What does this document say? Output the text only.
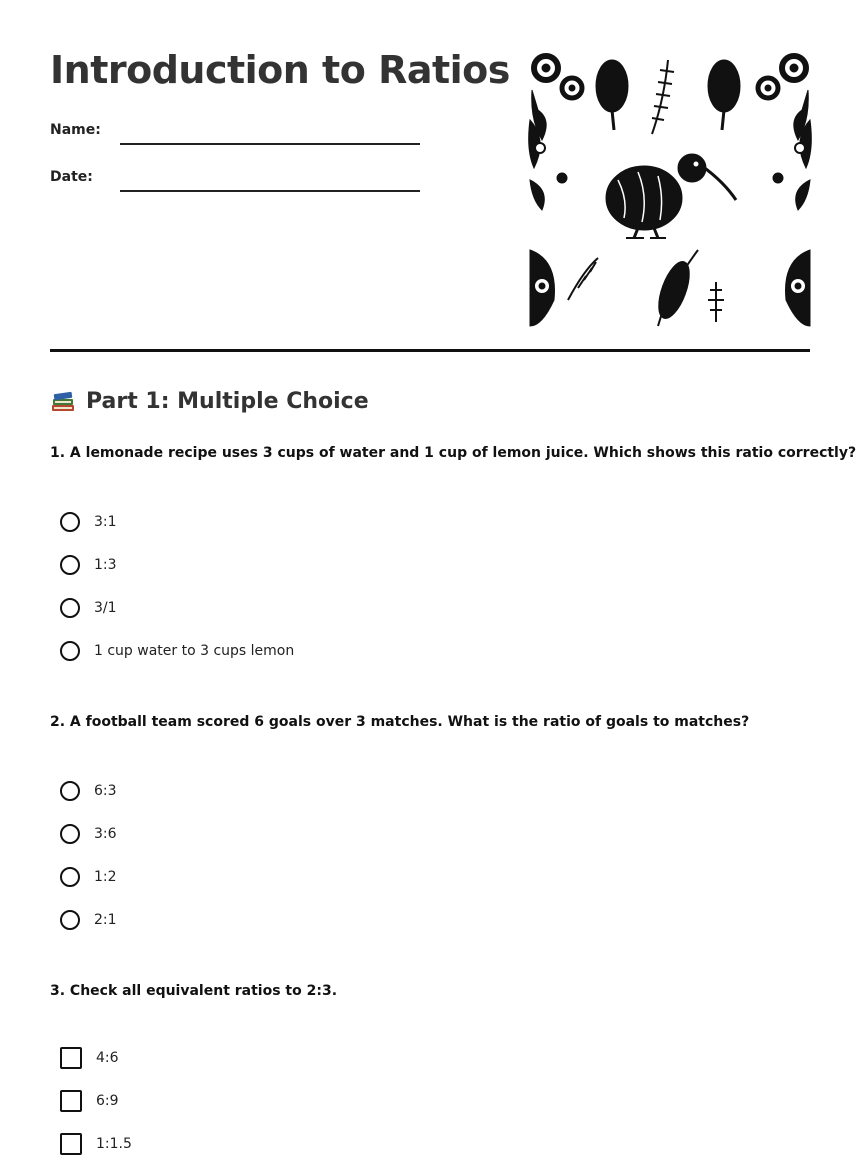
Introduction to Ratios
Name:
Date:
Part 1: Multiple Choice

1. A lemonade recipe uses 3 cups of water and 1 cup of lemon juice. Which shows this ratio correctly?

3:1
1:3
3/1
1 cup water to 3 cups lemon

2. A football team scored 6 goals over 3 matches. What is the ratio of goals to matches?

6:3
3:6
1:2
2:1

3. Check all equivalent ratios to 2:3.

4:6
6:9
1:1.5
